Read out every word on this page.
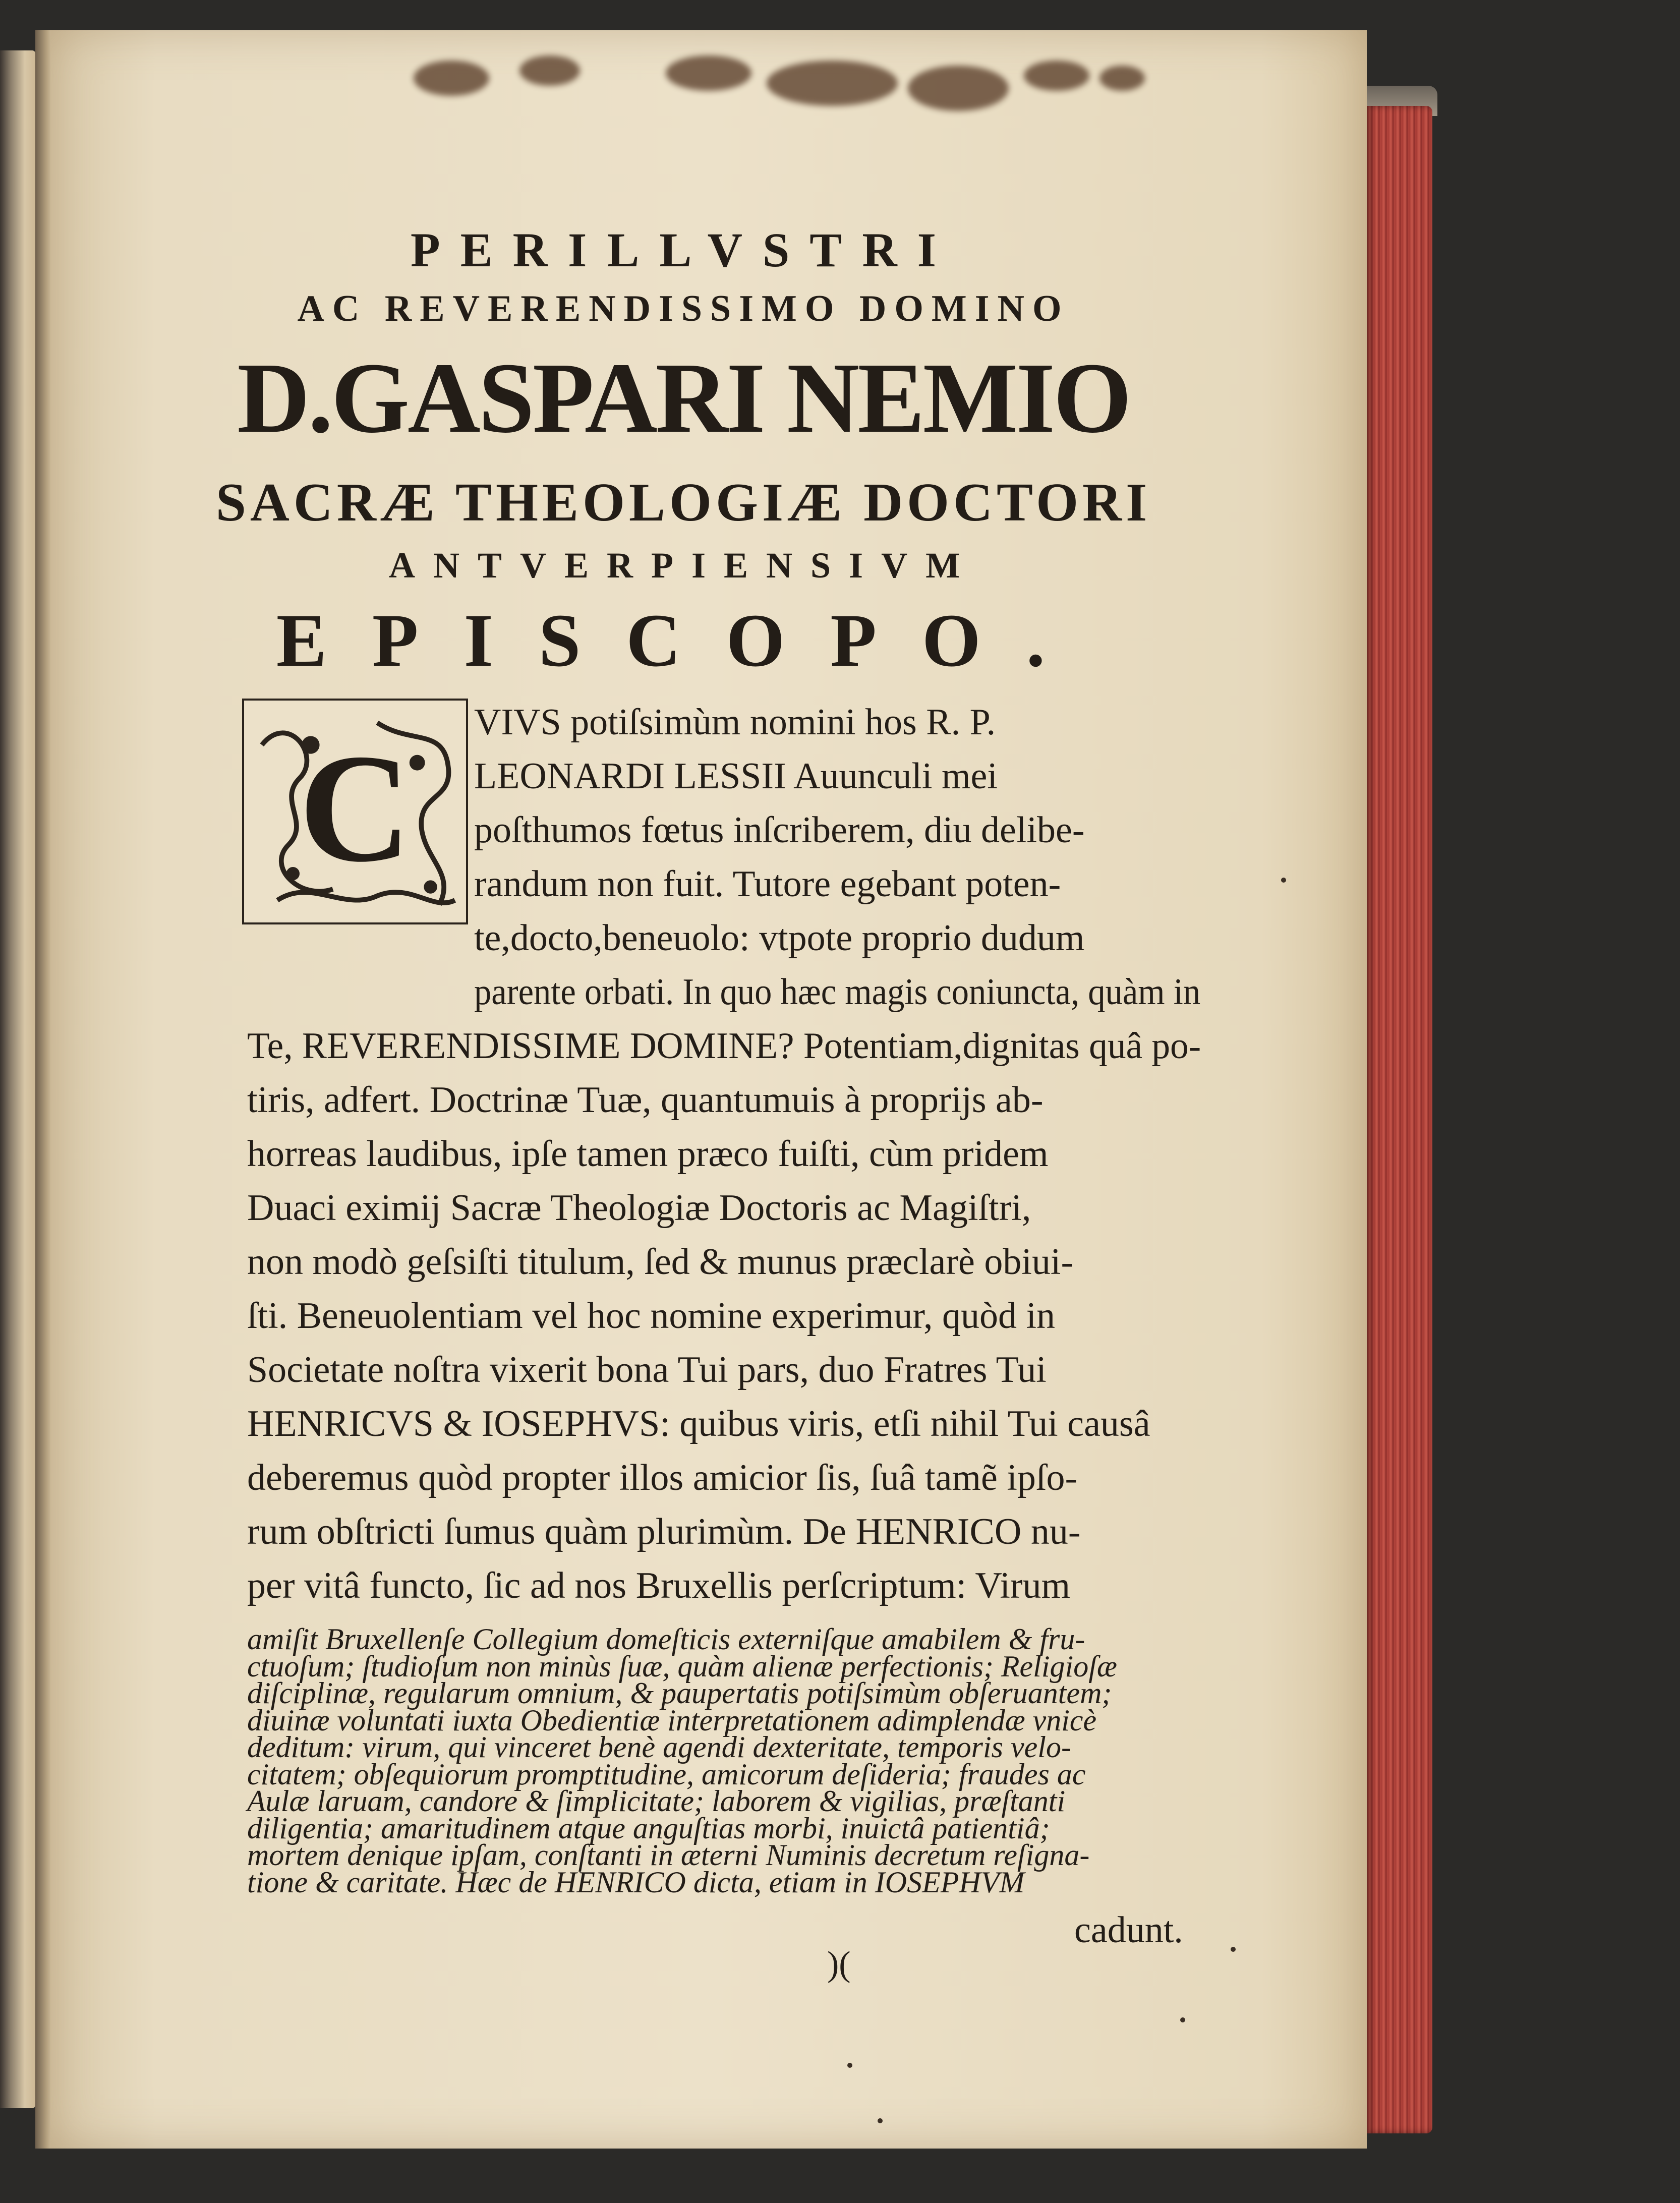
PERILLVSTRI
AC REVERENDISSIMO DOMINO
D.GASPARI NEMIO
SACRÆ THEOLOGIÆ DOCTORI
ANTVERPIENSIVM
EPISCOPO.
C VIVS potiſsimùm nomini hos R. P.
LEONARDI LESSII Auunculi mei
poſthumos fœtus inſcriberem, diu delibe-
randum non fuit. Tutore egebant poten-
te,docto,beneuolo: vtpote proprio dudum
parente orbati. In quo hæc magis coniuncta, quàm in
Te, REVERENDISSIME DOMINE? Potentiam,dignitas quâ po-
tiris, adfert. Doctrinæ Tuæ, quantumuis à proprijs ab-
horreas laudibus, ipſe tamen præco fuiſti, cùm pridem
Duaci eximij Sacræ Theologiæ Doctoris ac Magiſtri,
non modò geſsiſti titulum, ſed & munus præclarè obiui-
ſti. Beneuolentiam vel hoc nomine experimur, quòd in
Societate noſtra vixerit bona Tui pars, duo Fratres Tui
HENRICVS & IOSEPHVS: quibus viris, etſi nihil Tui causâ
deberemus quòd propter illos amicior ſis, ſuâ tamẽ ipſo-
rum obſtricti ſumus quàm plurimùm. De HENRICO nu-
per vitâ functo, ſic ad nos Bruxellis perſcriptum: Virum
amiſit Bruxellenſe Collegium domeſticis externiſque amabilem & fru-
ctuoſum; ſtudioſum non minùs ſuæ, quàm alienæ perfectionis; Religioſæ
diſciplinæ, regularum omnium, & paupertatis potiſsimùm obſeruantem;
diuinæ voluntati iuxta Obedientiæ interpretationem adimplendæ vnicè
deditum: virum, qui vinceret benè agendi dexteritate, temporis velo-
citatem; obſequiorum promptitudine, amicorum deſideria; fraudes ac
Aulæ laruam, candore & ſimplicitate; laborem & vigilias, præſtanti
diligentia; amaritudinem atque anguſtias morbi, inuictâ patientiâ;
mortem denique ipſam, conſtanti in æterni Numinis decretum reſigna-
tione & caritate. Hæc de HENRICO dicta, etiam in IOSEPHVM
cadunt.
)(
